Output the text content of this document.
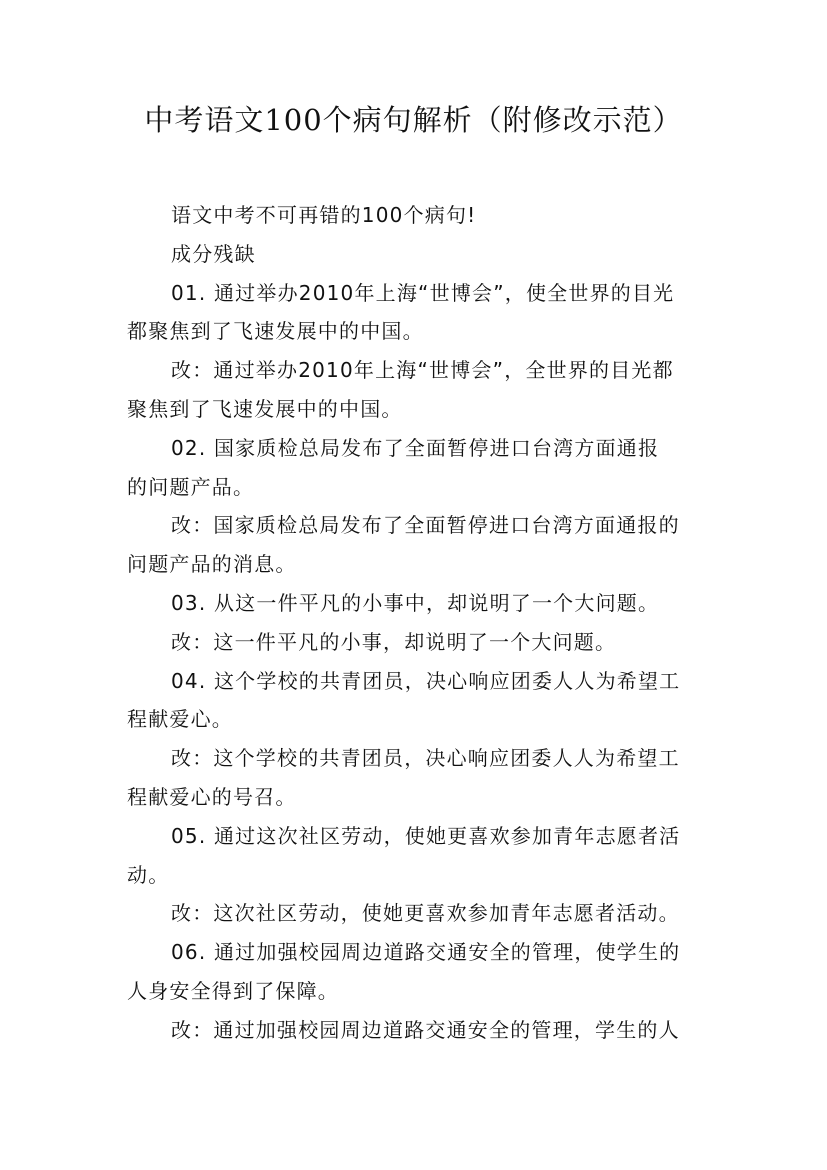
中考语文100个病句解析（附修改示范）
语文中考不可再错的100个病句!
成分残缺
01. 通过举办2010年上海“世博会”，使全世界的目光
都聚焦到了飞速发展中的中国。
改：通过举办2010年上海“世博会”，全世界的目光都
聚焦到了飞速发展中的中国。
02. 国家质检总局发布了全面暂停进口台湾方面通报
的问题产品。
改：国家质检总局发布了全面暂停进口台湾方面通报的
问题产品的消息。
03. 从这一件平凡的小事中，却说明了一个大问题。
改：这一件平凡的小事，却说明了一个大问题。
04. 这个学校的共青团员，决心响应团委人人为希望工
程献爱心。
改：这个学校的共青团员，决心响应团委人人为希望工
程献爱心的号召。
05. 通过这次社区劳动，使她更喜欢参加青年志愿者活
动。
改：这次社区劳动，使她更喜欢参加青年志愿者活动。
06. 通过加强校园周边道路交通安全的管理，使学生的
人身安全得到了保障。
改：通过加强校园周边道路交通安全的管理，学生的人
